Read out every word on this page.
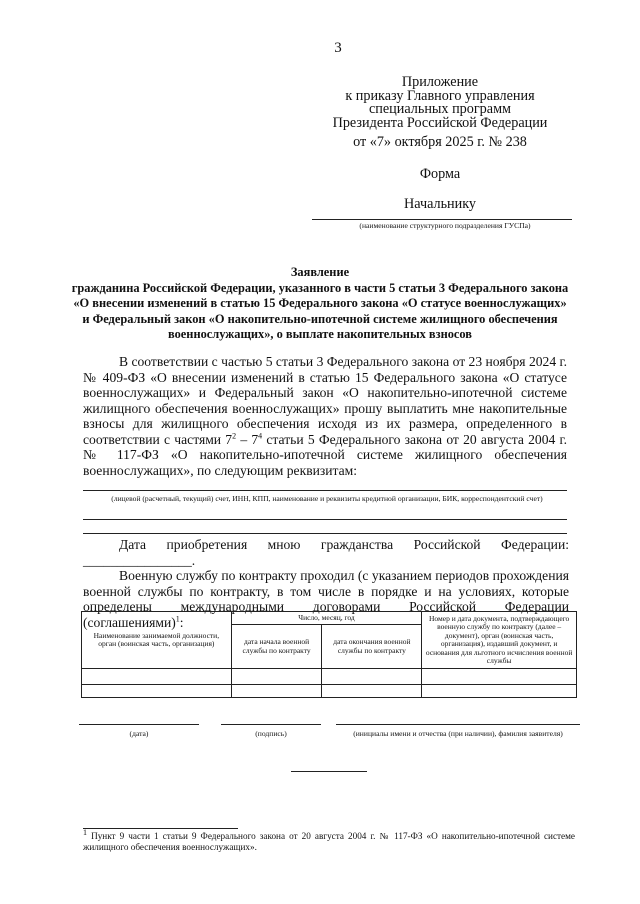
3
Приложение
к приказу Главного управления
специальных программ
Президента Российской Федерации
от «7» октября 2025 г. № 238
Форма
Начальнику
(наименование структурного подразделения ГУСПа)
Заявление
гражданина Российской Федерации, указанного в части 5 статьи 3 Федерального закона «О внесении изменений в статью 15 Федерального закона «О статусе военнослужащих» и Федеральный закон «О накопительно-ипотечной системе жилищного обеспечения военнослужащих», о выплате накопительных взносов
В соответствии с частью 5 статьи 3 Федерального закона от 23 ноября 2024 г. № 409-ФЗ «О внесении изменений в статью 15 Федерального закона «О статусе военнослужащих» и Федеральный закон «О накопительно-ипотечной системе жилищного обеспечения военнослужащих» прошу выплатить мне накопительные взносы для жилищного обеспечения исходя из их размера, определенного в соответствии с частями $7^2 - 7^4$ статьи 5 Федерального закона от 20 августа 2004 г. № 117-ФЗ «О накопительно-ипотечной системе жилищного обеспечения военнослужащих», по следующим реквизитам:
(лицевой (расчетный, текущий) счет, ИНН, КПП, наименование и реквизиты кредитной организации, БИК, корреспондентский счет)
Дата приобретения мною гражданства Российской Федерации: ________________.
Военную службу по контракту проходил (с указанием периодов прохождения военной службы по контракту, в том числе в порядке и на условиях, которые определены международными договорами Российской Федерации (соглашениями)$^1$:
Наименование занимаемой должности, орган (воинская часть, организация)	Число, месяц, год		Номер и дата документа, подтверждающего военную службу по контракту (далее – документ), орган (воинская часть, организация), издавший документ, и основания для льготного исчисления военной службы
	дата начала военной службы по контракту	дата окончания военной службы по контракту	

(дата)	(подпись)	(инициалы имени и отчества (при наличии), фамилия заявителя)
$^1$ Пункт 9 части 1 статьи 9 Федерального закона от 20 августа 2004 г. № 117-ФЗ «О накопительно-ипотечной системе жилищного обеспечения военнослужащих».
